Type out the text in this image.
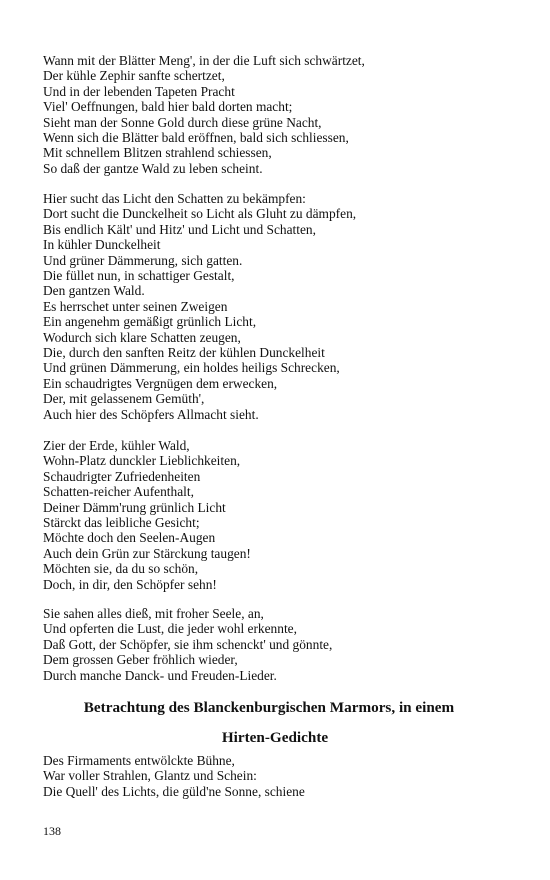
Wann mit der Blätter Meng', in der die Luft sich schwärtzet,
Der kühle Zephir sanfte schertzet,
Und in der lebenden Tapeten Pracht
Viel' Oeffnungen, bald hier bald dorten macht;
Sieht man der Sonne Gold durch diese grüne Nacht,
Wenn sich die Blätter bald eröffnen, bald sich schliessen,
Mit schnellem Blitzen strahlend schiessen,
So daß der gantze Wald zu leben scheint.
Hier sucht das Licht den Schatten zu bekämpfen:
Dort sucht die Dunckelheit so Licht als Gluht zu dämpfen,
Bis endlich Kält' und Hitz' und Licht und Schatten,
In kühler Dunckelheit
Und grüner Dämmerung, sich gatten.
Die füllet nun, in schattiger Gestalt,
Den gantzen Wald.
Es herrschet unter seinen Zweigen
Ein angenehm gemäßigt grünlich Licht,
Wodurch sich klare Schatten zeugen,
Die, durch den sanften Reitz der kühlen Dunckelheit
Und grünen Dämmerung, ein holdes heiligs Schrecken,
Ein schaudrigtes Vergnügen dem erwecken,
Der, mit gelassenem Gemüth',
Auch hier des Schöpfers Allmacht sieht.
Zier der Erde, kühler Wald,
Wohn-Platz dunckler Lieblichkeiten,
Schaudrigter Zufriedenheiten
Schatten-reicher Aufenthalt,
Deiner Dämm'rung grünlich Licht
Stärckt das leibliche Gesicht;
Möchte doch den Seelen-Augen
Auch dein Grün zur Stärckung taugen!
Möchten sie, da du so schön,
Doch, in dir, den Schöpfer sehn!
Sie sahen alles dieß, mit froher Seele, an,
Und opferten die Lust, die jeder wohl erkennte,
Daß Gott, der Schöpfer, sie ihm schenckt' und gönnte,
Dem grossen Geber fröhlich wieder,
Durch manche Danck- und Freuden-Lieder.
Betrachtung des Blanckenburgischen Marmors, in einem
Hirten-Gedichte
Des Firmaments entwölckte Bühne,
War voller Strahlen, Glantz und Schein:
Die Quell' des Lichts, die güld'ne Sonne, schiene
138
